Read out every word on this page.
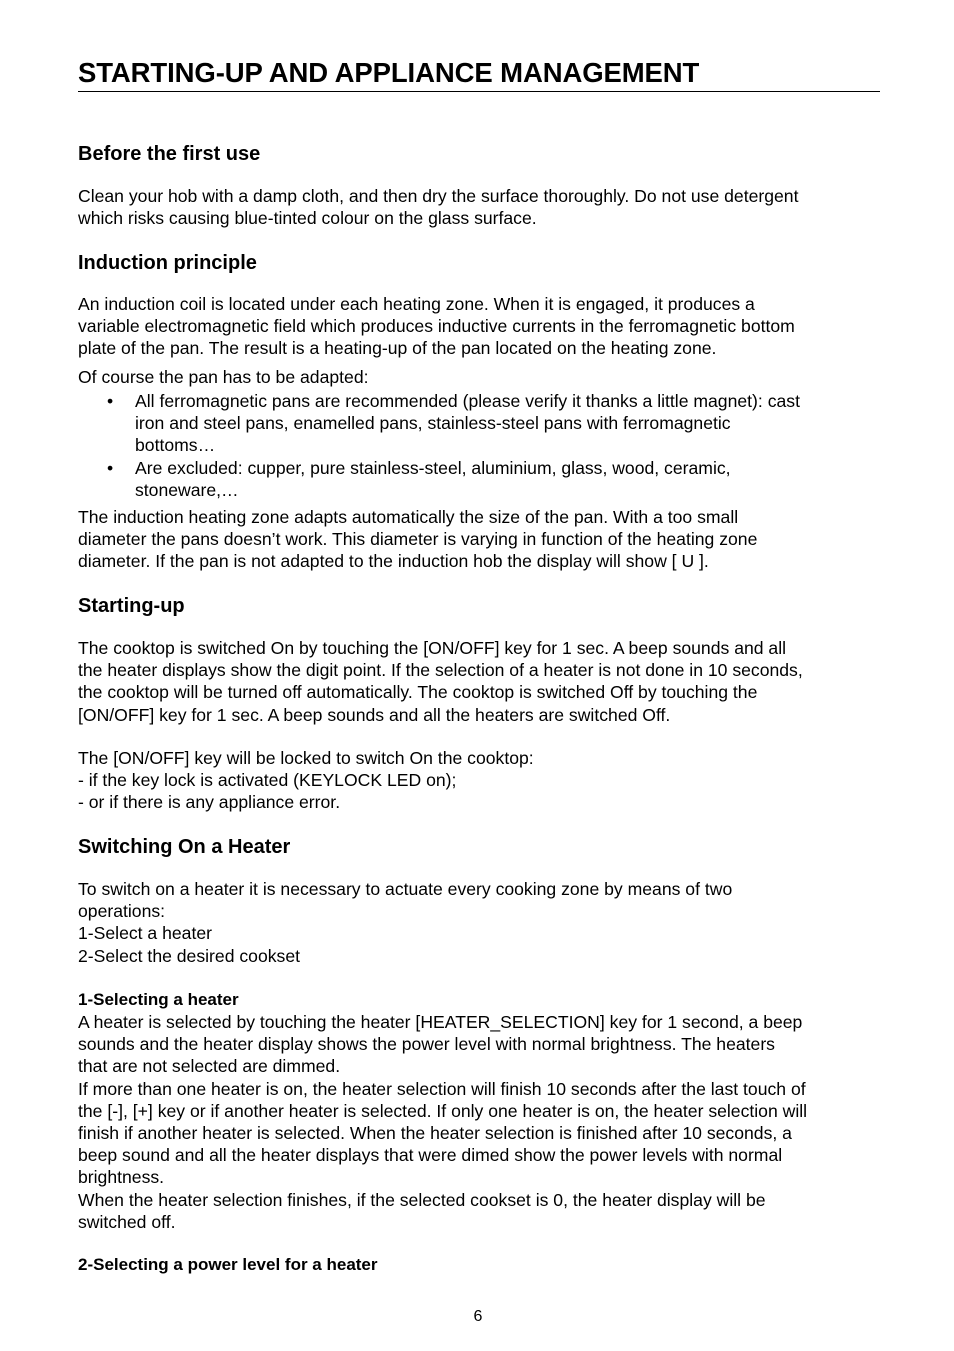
STARTING-UP AND APPLIANCE MANAGEMENT
Before the first use
Clean your hob with a damp cloth, and then dry the surface thoroughly. Do not use detergent
which risks causing blue-tinted colour on the glass surface.
Induction principle
An induction coil is located under each heating zone. When it is engaged, it produces a
variable electromagnetic field which produces inductive currents in the ferromagnetic bottom
plate of the pan. The result is a heating-up of the pan located on the heating zone.
Of course the pan has to be adapted:
• All ferromagnetic pans are recommended (please verify it thanks a little magnet): cast
iron and steel pans, enamelled pans, stainless-steel pans with ferromagnetic
bottoms…
• Are excluded: cupper, pure stainless-steel, aluminium, glass, wood, ceramic,
stoneware,…
The induction heating zone adapts automatically the size of the pan. With a too small
diameter the pans doesn’t work. This diameter is varying in function of the heating zone
diameter. If the pan is not adapted to the induction hob the display will show [ U ].
Starting-up
The cooktop is switched On by touching the [ON/OFF] key for 1 sec. A beep sounds and all
the heater displays show the digit point. If the selection of a heater is not done in 10 seconds,
the cooktop will be turned off automatically. The cooktop is switched Off by touching the
[ON/OFF] key for 1 sec. A beep sounds and all the heaters are switched Off.
The [ON/OFF] key will be locked to switch On the cooktop:
- if the key lock is activated (KEYLOCK LED on);
- or if there is any appliance error.
Switching On a Heater
To switch on a heater it is necessary to actuate every cooking zone by means of two
operations:
1-Select a heater
2-Select the desired cookset
1-Selecting a heater
A heater is selected by touching the heater [HEATER_SELECTION] key for 1 second, a beep
sounds and the heater display shows the power level with normal brightness. The heaters
that are not selected are dimmed.
If more than one heater is on, the heater selection will finish 10 seconds after the last touch of
the [-], [+] key or if another heater is selected. If only one heater is on, the heater selection will
finish if another heater is selected. When the heater selection is finished after 10 seconds, a
beep sound and all the heater displays that were dimed show the power levels with normal
brightness.
When the heater selection finishes, if the selected cookset is 0, the heater display will be
switched off.
2-Selecting a power level for a heater
6
